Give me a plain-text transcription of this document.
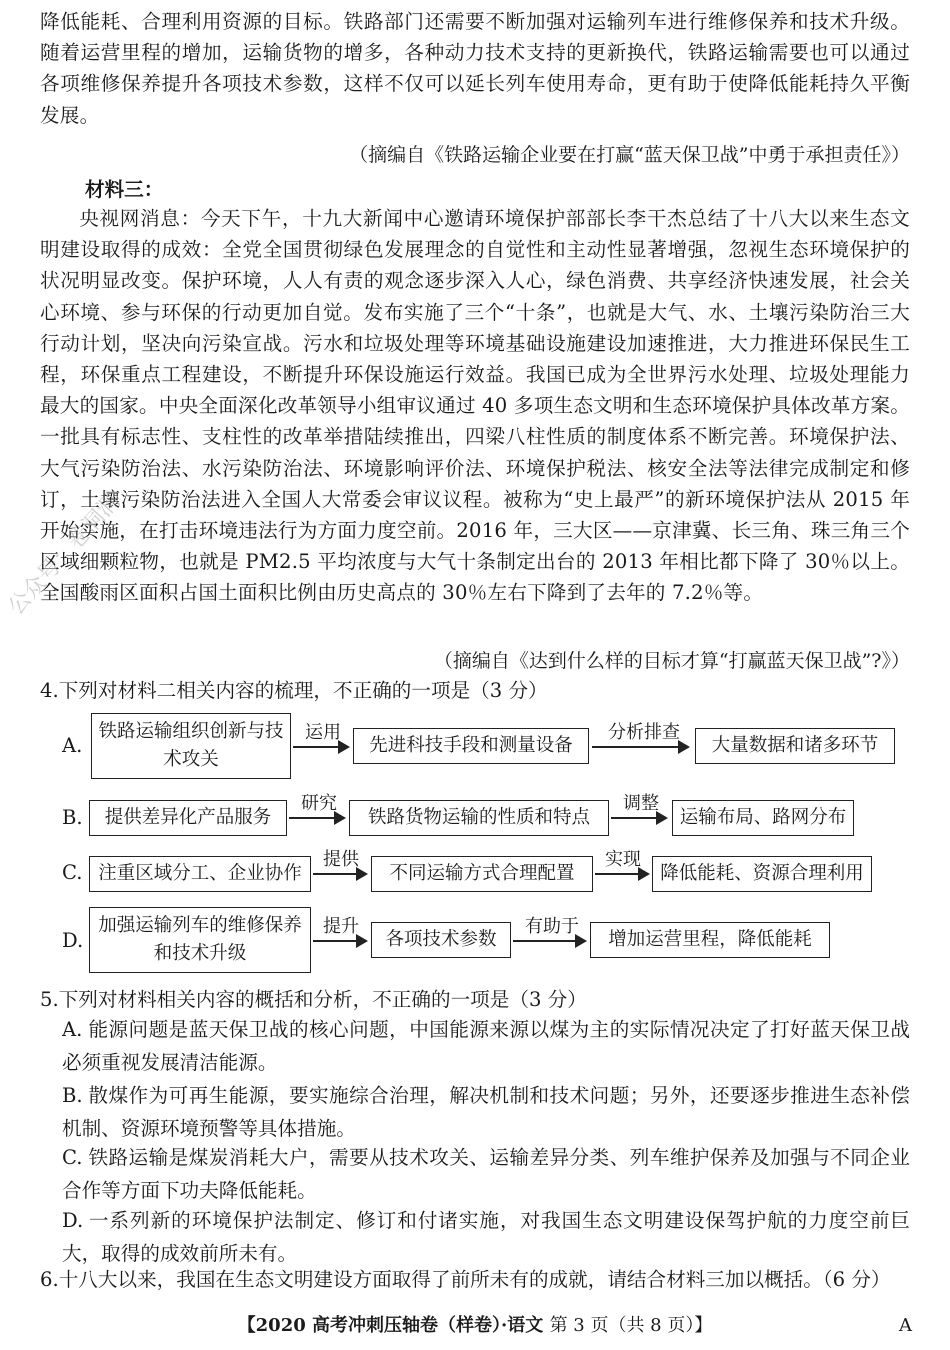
降低能耗、合理利用资源的目标。铁路部门还需要不断加强对运输列车进行维修保养和技术升级。随着运营里程的增加，运输货物的增多，各种动力技术支持的更新换代，铁路运输需要也可以通过各项维修保养提升各项技术参数，这样不仅可以延长列车使用寿命，更有助于使降低能耗持久平衡发展。
（摘编自《铁路运输企业要在打赢“蓝天保卫战”中勇于承担责任》）
材料三：
央视网消息：今天下午，十九大新闻中心邀请环境保护部部长李干杰总结了十八大以来生态文明建设取得的成效：全党全国贯彻绿色发展理念的自觉性和主动性显著增强，忽视生态环境保护的状况明显改变。保护环境，人人有责的观念逐步深入人心，绿色消费、共享经济快速发展，社会关心环境、参与环保的行动更加自觉。发布实施了三个“十条”，也就是大气、水、土壤污染防治三大行动计划，坚决向污染宣战。污水和垃圾处理等环境基础设施建设加速推进，大力推进环保民生工程，环保重点工程建设，不断提升环保设施运行效益。我国已成为全世界污水处理、垃圾处理能力最大的国家。中央全面深化改革领导小组审议通过 40 多项生态文明和生态环境保护具体改革方案。一批具有标志性、支柱性的改革举措陆续推出，四梁八柱性质的制度体系不断完善。环境保护法、大气污染防治法、水污染防治法、环境影响评价法、环境保护税法、核安全法等法律完成制定和修订，土壤污染防治法进入全国人大常委会审议议程。被称为“史上最严”的新环境保护法从 2015 年开始实施，在打击环境违法行为方面力度空前。2016 年，三大区——京津冀、长三角、珠三角三个区域细颗粒物，也就是 PM2.5 平均浓度与大气十条制定出台的 2013 年相比都下降了 30％以上。全国酸雨区面积占国土面积比例由历史高点的 30％左右下降到了去年的 7.2％等。
（摘编自《达到什么样的目标才算“打赢蓝天保卫战”?》）
公众号：卷洞洞
4.下列对材料二相关内容的梳理，不正确的一项是（3 分）
A.
铁路运输组织创新与技术攻关
运用
先进科技手段和测量设备
分析排查
大量数据和诸多环节
B.	提供差异化产品服务
研究
铁路货物运输的性质和特点
调整
运输布局、路网分布
C. 注重区域分工、企业协作
提供
不同运输方式合理配置
实现
降低能耗、资源合理利用
D.
加强运输列车的维修保养和技术升级
提升
各项技术参数
有助于
增加运营里程，降低能耗
5.下列对材料相关内容的概括和分析，不正确的一项是（3 分）
A. 能源问题是蓝天保卫战的核心问题，中国能源来源以煤为主的实际情况决定了打好蓝天保卫战必须重视发展清洁能源。
B. 散煤作为可再生能源，要实施综合治理，解决机制和技术问题；另外，还要逐步推进生态补偿机制、资源环境预警等具体措施。
C. 铁路运输是煤炭消耗大户，需要从技术攻关、运输差异分类、列车维护保养及加强与不同企业合作等方面下功夫降低能耗。
D. 一系列新的环境保护法制定、修订和付诸实施，对我国生态文明建设保驾护航的力度空前巨大，取得的成效前所未有。
6.十八大以来，我国在生态文明建设方面取得了前所未有的成就，请结合材料三加以概括。（6 分）
【2020 高考冲刺压轴卷（样卷）·语文 第 3 页（共 8 页）】	A
